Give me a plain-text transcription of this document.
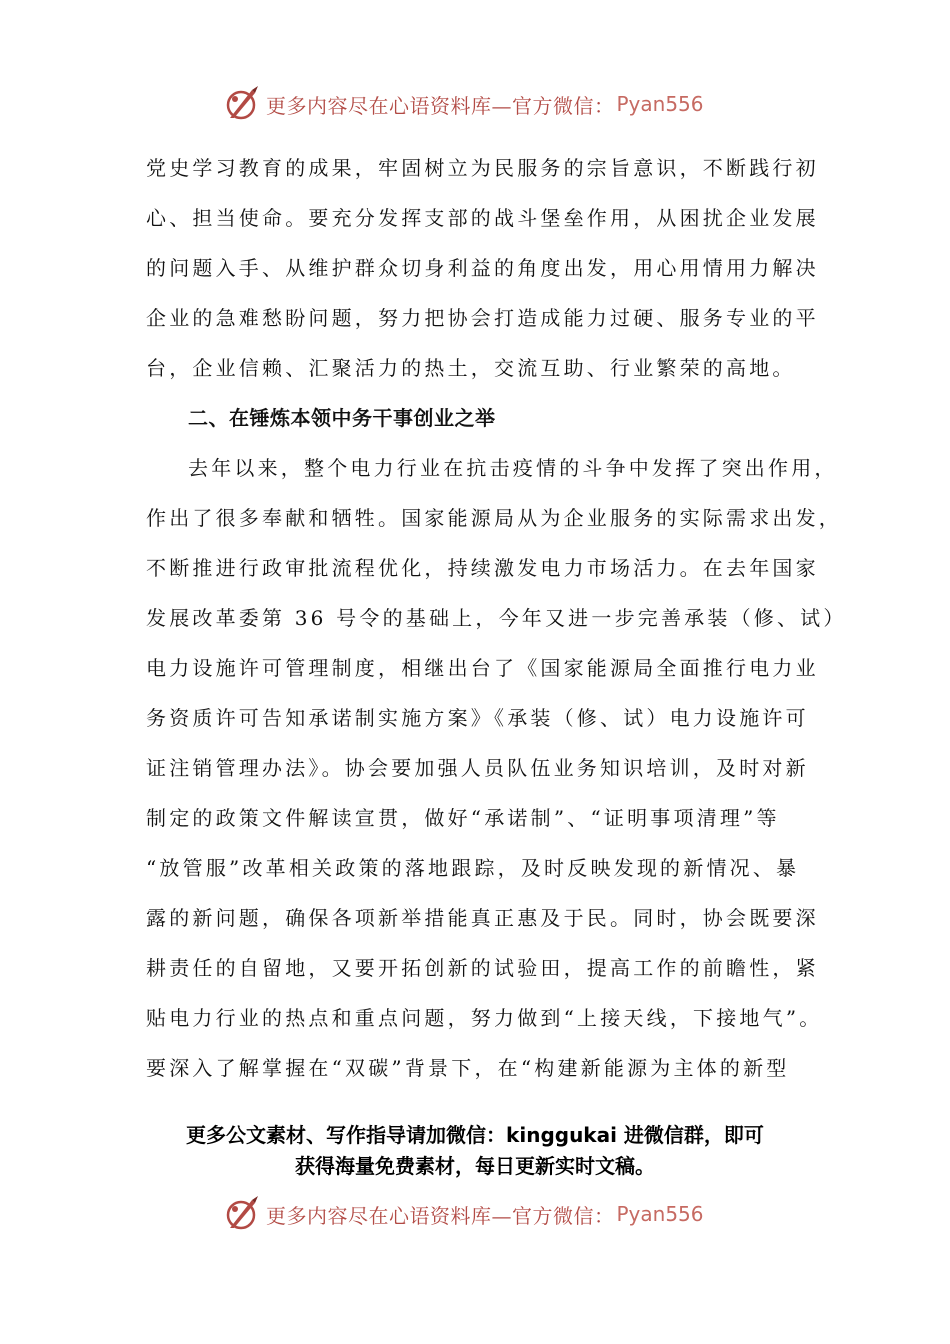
更多内容尽在心语资料库—官方微信： Pyan556
党史学习教育的成果，牢固树立为民服务的宗旨意识，不断践行初
心、担当使命。要充分发挥支部的战斗堡垒作用，从困扰企业发展
的问题入手、从维护群众切身利益的角度出发，用心用情用力解决
企业的急难愁盼问题，努力把协会打造成能力过硬、服务专业的平
台，企业信赖、汇聚活力的热土，交流互助、行业繁荣的高地。
二、在锤炼本领中务干事创业之举
去年以来，整个电力行业在抗击疫情的斗争中发挥了突出作用，
作出了很多奉献和牺牲。国家能源局从为企业服务的实际需求出发，
不断推进行政审批流程优化，持续激发电力市场活力。在去年国家
发展改革委第 36 号令的基础上，今年又进一步完善承装（修、试）
电力设施许可管理制度，相继出台了《国家能源局全面推行电力业
务资质许可告知承诺制实施方案》《承装（修、试）电力设施许可
证注销管理办法》。协会要加强人员队伍业务知识培训，及时对新
制定的政策文件解读宣贯，做好“承诺制”、“证明事项清理”等
“放管服”改革相关政策的落地跟踪，及时反映发现的新情况、暴
露的新问题，确保各项新举措能真正惠及于民。同时，协会既要深
耕责任的自留地，又要开拓创新的试验田，提高工作的前瞻性，紧
贴电力行业的热点和重点问题，努力做到“上接天线，下接地气”。
要深入了解掌握在“双碳”背景下，在“构建新能源为主体的新型
更多公文素材、写作指导请加微信：kinggukai 进微信群，即可
获得海量免费素材，每日更新实时文稿。
更多内容尽在心语资料库—官方微信： Pyan556
